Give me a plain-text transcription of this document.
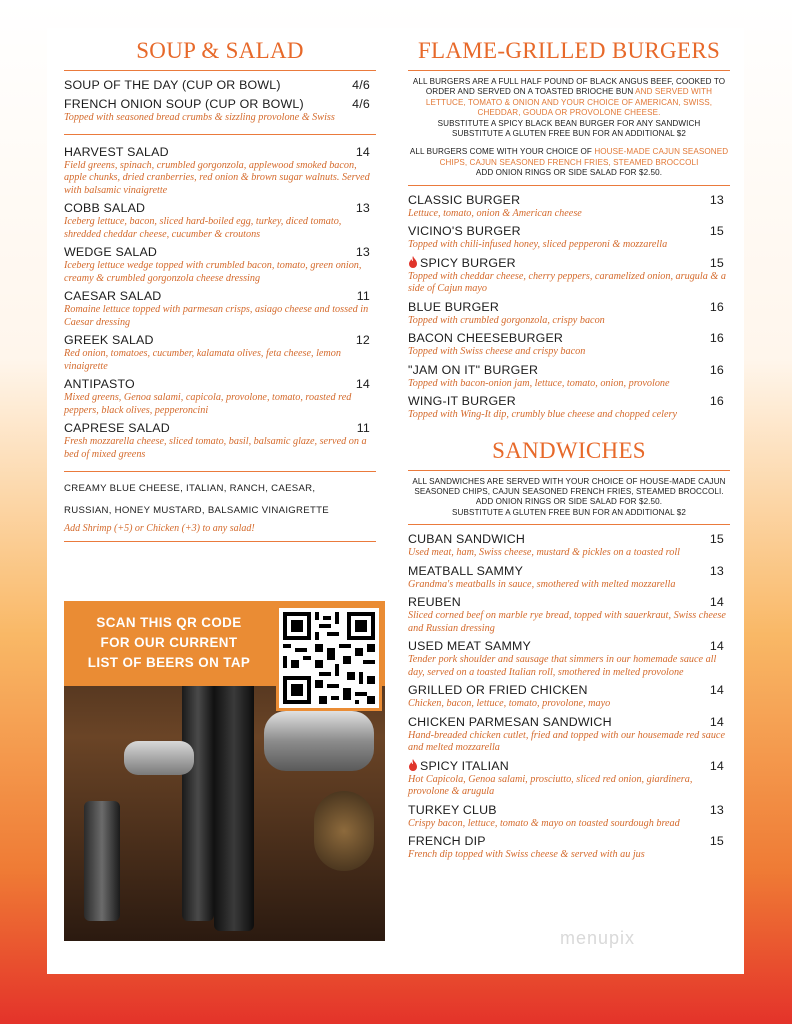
SOUP & SALAD
SOUP OF THE DAY (CUP OR BOWL)	4/6
FRENCH ONION SOUP (CUP OR BOWL)	4/6
Topped with seasoned bread crumbs & sizzling provolone & Swiss
HARVEST SALAD	14
Field greens, spinach, crumbled gorgonzola, applewood smoked bacon, apple chunks, dried cranberries, red onion & brown sugar walnuts. Served with balsamic vinaigrette
COBB SALAD	13
Iceberg lettuce, bacon, sliced hard-boiled egg, turkey, diced tomato, shredded cheddar cheese, cucumber & croutons
WEDGE SALAD	13
Iceberg lettuce wedge topped with crumbled bacon, tomato, green onion, creamy & crumbled gorgonzola cheese dressing
CAESAR SALAD	11
Romaine lettuce topped with parmesan crisps, asiago cheese and tossed in Caesar dressing
GREEK SALAD	12
Red onion, tomatoes, cucumber, kalamata olives, feta cheese, lemon vinaigrette
ANTIPASTO	14
Mixed greens, Genoa salami, capicola, provolone, tomato, roasted red peppers, black olives, pepperoncini
CAPRESE SALAD	11
Fresh mozzarella cheese, sliced tomato, basil, balsamic glaze, served on a bed of mixed greens
CREAMY BLUE CHEESE, ITALIAN, RANCH, CAESAR,
RUSSIAN, HONEY MUSTARD, BALSAMIC VINAIGRETTE
Add Shrimp (+5) or Chicken (+3) to any salad!
SCAN THIS QR CODE
FOR OUR CURRENT
LIST OF BEERS ON TAP
FLAME-GRILLED BURGERS
ALL BURGERS ARE A FULL HALF POUND OF BLACK ANGUS BEEF, COOKED TO ORDER AND SERVED ON A TOASTED BRIOCHE BUN AND SERVED WITH LETTUCE, TOMATO & ONION AND YOUR CHOICE OF AMERICAN, SWISS, CHEDDAR, GOUDA OR PROVOLONE CHEESE.
SUBSTITUTE A SPICY BLACK BEAN BURGER FOR ANY SANDWICH
SUBSTITUTE A GLUTEN FREE BUN FOR AN ADDITIONAL $2
ALL BURGERS COME WITH YOUR CHOICE OF HOUSE-MADE CAJUN SEASONED CHIPS, CAJUN SEASONED FRENCH FRIES, STEAMED BROCCOLI
ADD ONION RINGS OR SIDE SALAD FOR $2.50.
CLASSIC BURGER	13
Lettuce, tomato, onion & American cheese
VICINO'S BURGER	15
Topped with chili-infused honey, sliced pepperoni & mozzarella
SPICY BURGER	15
Topped with cheddar cheese, cherry peppers, caramelized onion, arugula & a side of Cajun mayo
BLUE BURGER	16
Topped with crumbled gorgonzola, crispy bacon
BACON CHEESEBURGER	16
Topped with Swiss cheese and crispy bacon
"JAM ON IT" BURGER	16
Topped with bacon-onion jam, lettuce, tomato, onion, provolone
WING-IT BURGER	16
Topped with Wing-It dip, crumbly blue cheese and chopped celery
SANDWICHES
ALL SANDWICHES ARE SERVED WITH YOUR CHOICE OF HOUSE-MADE CAJUN SEASONED CHIPS, CAJUN SEASONED FRENCH FRIES, STEAMED BROCCOLI. ADD ONION RINGS OR SIDE SALAD FOR $2.50.
SUBSTITUTE A GLUTEN FREE BUN FOR AN ADDITIONAL $2
CUBAN SANDWICH	15
Used meat, ham, Swiss cheese, mustard & pickles on a toasted roll
MEATBALL SAMMY	13
Grandma's meatballs in sauce, smothered with melted mozzarella
REUBEN	14
Sliced corned beef on marble rye bread, topped with sauerkraut, Swiss cheese and Russian dressing
USED MEAT SAMMY	14
Tender pork shoulder and sausage that simmers in our homemade sauce all day, served on a toasted Italian roll, smothered in melted provolone
GRILLED OR FRIED CHICKEN	14
Chicken, bacon, lettuce, tomato, provolone, mayo
CHICKEN PARMESAN SANDWICH	14
Hand-breaded chicken cutlet, fried and topped with our housemade red sauce and melted mozzarella
SPICY ITALIAN	14
Hot Capicola, Genoa salami, prosciutto, sliced red onion, giardinera, provolone & arugula
TURKEY CLUB	13
Crispy bacon, lettuce, tomato & mayo on toasted sourdough bread
FRENCH DIP	15
French dip topped with Swiss cheese & served with au jus
menupix
